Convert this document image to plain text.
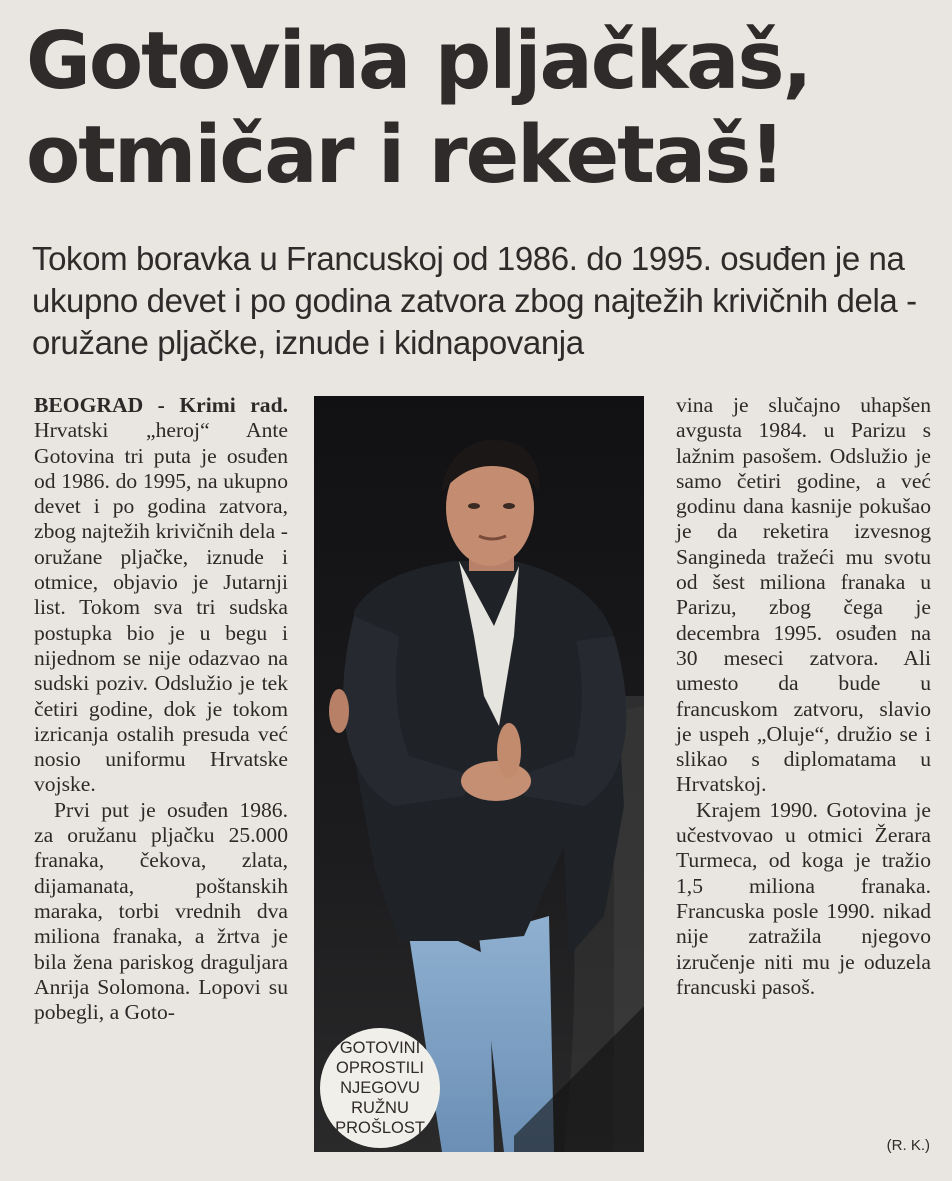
Gotovina pljačkaš,
otmičar i reketaš!
Tokom boravka u Francuskoj od 1986. do 1995. osuđen je na ukupno devet i po godina zatvora zbog najtežih krivičnih dela - oružane pljačke, iznude i kidnapovanja

BEOGRAD - Krimi rad. Hrvatski „heroj“ Ante Gotovina tri puta je osuđen od 1986. do 1995, na ukupno devet i po godina zatvora, zbog najtežih krivičnih dela - oružane pljačke, iznude i otmice, objavio je Jutarnji list. Tokom sva tri sudska postupka bio je u begu i nijednom se nije odazvao na sudski poziv. Odslužio je tek četiri godine, dok je tokom izricanja ostalih presuda već nosio uniformu Hrvatske vojske.

Prvi put je osuđen 1986. za oružanu pljačku 25.000 franaka, čekova, zlata, dijamanata, poštanskih maraka, torbi vrednih dva miliona franaka, a žrtva je bila žena pariskog draguljara Anrija Solomona. Lopovi su pobegli, a Goto-

GOTOVINI OPROSTILI NJEGOVU RUŽNU PROŠLOST

vina je slučajno uhapšen avgusta 1984. u Parizu s lažnim pasošem. Odslužio je samo četiri godine, a već godinu dana kasnije pokušao je da reketira izvesnog Sangineda tražeći mu svotu od šest miliona franaka u Parizu, zbog čega je decembra 1995. osuđen na 30 meseci zatvora. Ali umesto da bude u francuskom zatvoru, slavio je uspeh „Oluje“, družio se i slikao s diplomatama u Hrvatskoj.

Krajem 1990. Gotovina je učestvovao u otmici Žerara Turmeca, od koga je tražio 1,5 miliona franaka. Francuska posle 1990. nikad nije zatražila njegovo izručenje niti mu je oduzela francuski pasoš.

(R. K.)
